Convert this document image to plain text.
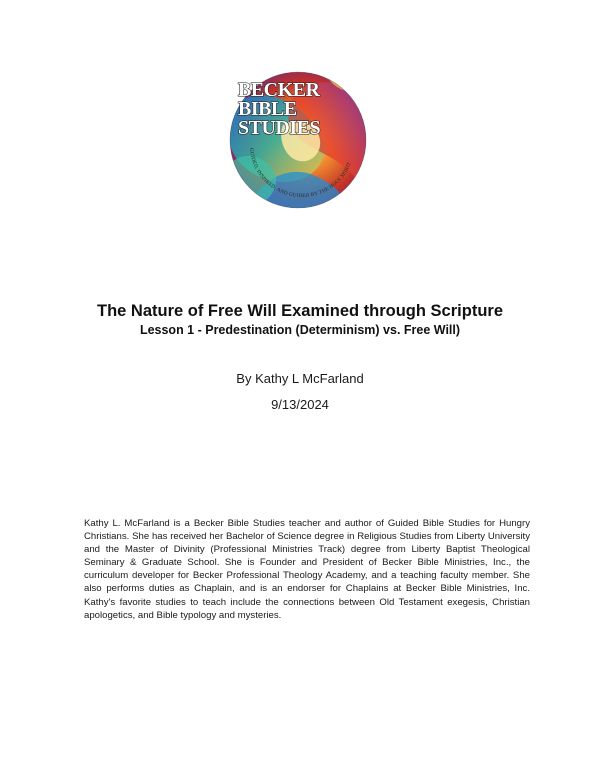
BECKER
BIBLE
STUDIES
GUIDED, INSPIRED, AND GUIDED BY THE HOLY SPIRIT
The Nature of Free Will Examined through Scripture
Lesson 1 - Predestination (Determinism) vs. Free Will)
By Kathy L McFarland
9/13/2024

Kathy L. McFarland is a Becker Bible Studies teacher and author of Guided Bible Studies for Hungry Christians. She has received her Bachelor of Science degree in Religious Studies from Liberty University and the Master of Divinity (Professional Ministries Track) degree from Liberty Baptist Theological Seminary & Graduate School. She is Founder and President of Becker Bible Ministries, Inc., the curriculum developer for Becker Professional Theology Academy, and a teaching faculty member. She also performs duties as Chaplain, and is an endorser for Chaplains at Becker Bible Ministries, Inc. Kathy's favorite studies to teach include the connections between Old Testament exegesis, Christian apologetics, and Bible typology and mysteries.
